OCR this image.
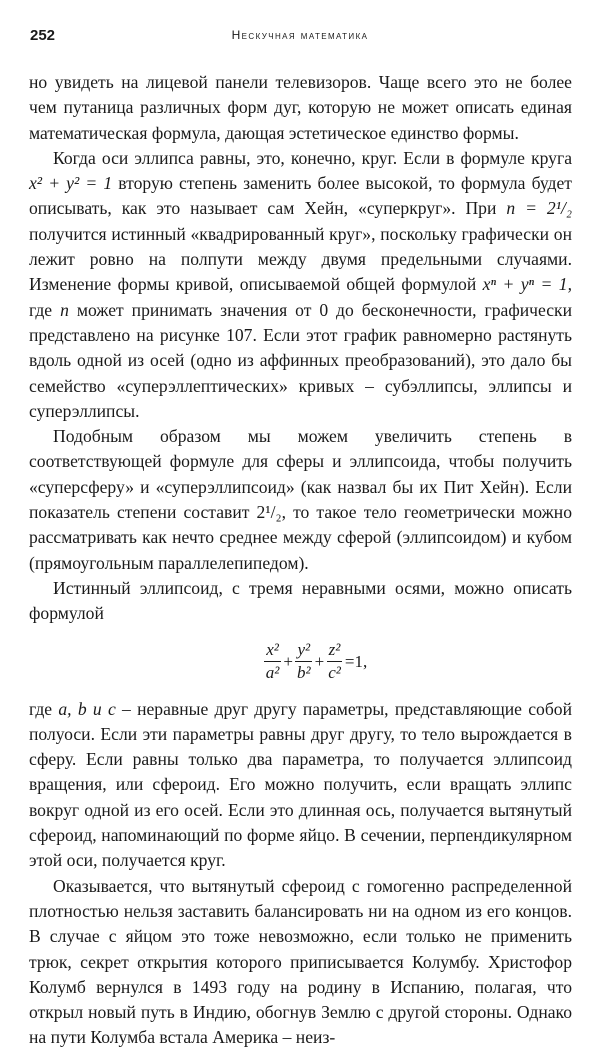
252	Нескучная математика

но увидеть на лицевой панели телевизоров. Чаще всего это не более чем путаница различных форм дуг, которую не может описать единая математическая формула, дающая эстетическое единство формы.

Когда оси эллипса равны, это, конечно, круг. Если в формуле круга x² + y² = 1 вторую степень заменить более высокой, то формула будет описывать, как это называет сам Хейн, «суперкруг». При n = 2¹/₂ получится истинный «квадрированный круг», поскольку графически он лежит ровно на полпути между двумя предельными случаями. Изменение формы кривой, описываемой общей формулой xⁿ + yⁿ = 1, где n может принимать значения от 0 до бесконечности, графически представлено на рисунке 107. Если этот график равномерно растянуть вдоль одной из осей (одно из аффинных преобразований), это дало бы семейство «суперэллептических» кривых – субэллипсы, эллипсы и суперэллипсы.

Подобным образом мы можем увеличить степень в соответствующей формуле для сферы и эллипсоида, чтобы получить «суперсферу» и «суперэллипсоид» (как назвал бы их Пит Хейн). Если показатель степени составит 2¹/₂, то такое тело геометрически можно рассматривать как нечто среднее между сферой (эллипсоидом) и кубом (прямоугольным параллелепипедом).

Истинный эллипсоид, с тремя неравными осями, можно описать формулой

$\frac{\text{x²}}{\text{a²}} + \frac{\text{y²}}{\text{b²}} + \frac{\text{z²}}{\text{c²}} =1$,

где a, b и c – неравные друг другу параметры, представляющие собой полуоси. Если эти параметры равны друг другу, то тело вырождается в сферу. Если равны только два параметра, то получается эллипсоид вращения, или сфероид. Его можно получить, если вращать эллипс вокруг одной из его осей. Если это длинная ось, получается вытянутый сфероид, напоминающий по форме яйцо. В сечении, перпендикулярном этой оси, получается круг.

Оказывается, что вытянутый сфероид с гомогенно распределенной плотностью нельзя заставить балансировать ни на одном из его концов. В случае с яйцом это тоже невозможно, если только не применить трюк, секрет открытия которого приписывается Колумбу. Христофор Колумб вернулся в 1493 году на родину в Испанию, полагая, что открыл новый путь в Индию, обогнув Землю с другой стороны. Однако на пути Колумба встала Америка – неиз-
